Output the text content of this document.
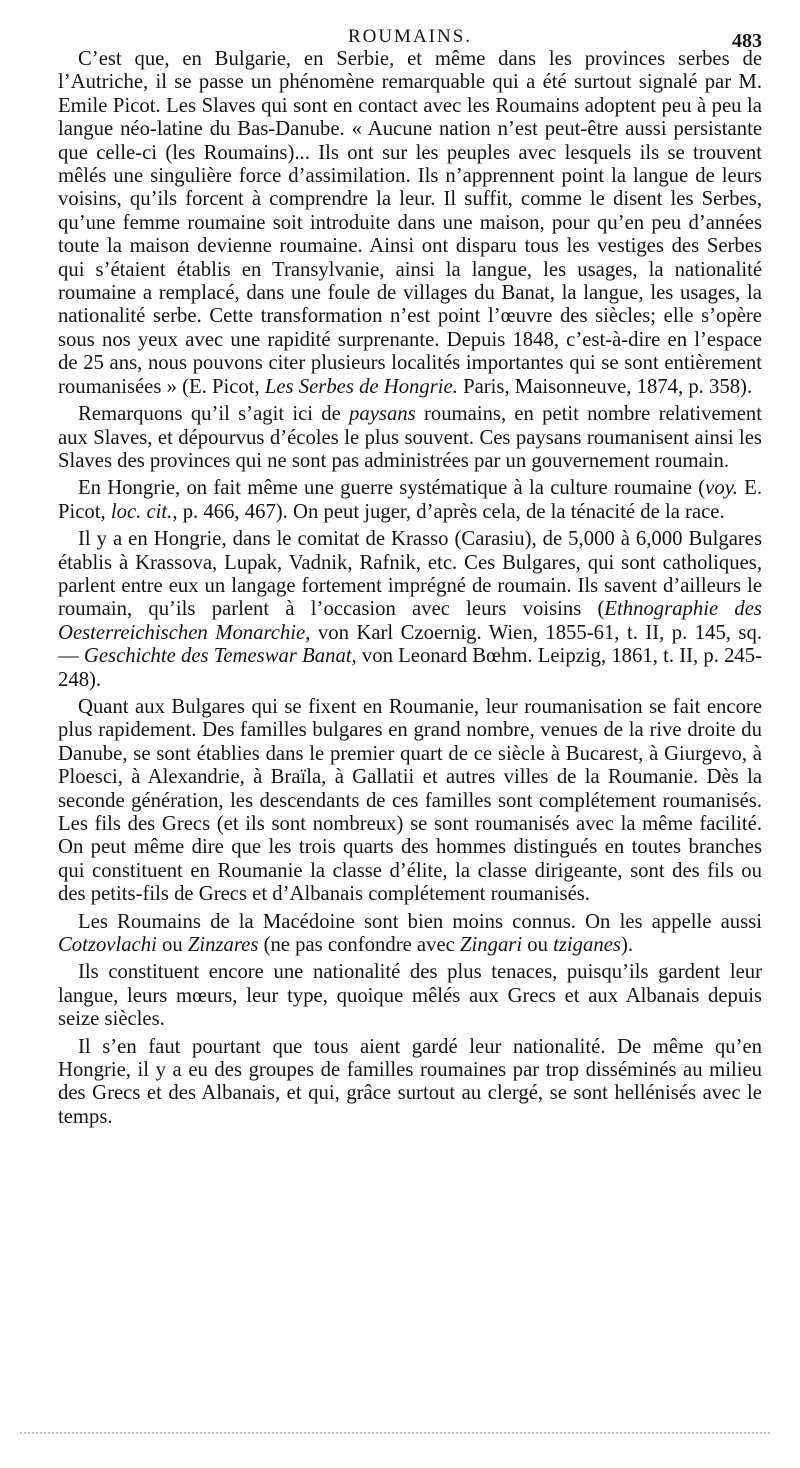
ROUMAINS.	483

C’est que, en Bulgarie, en Serbie, et même dans les provinces serbes de l’Autriche, il se passe un phénomène remarquable qui a été surtout signalé par M. Emile Picot. Les Slaves qui sont en contact avec les Roumains adoptent peu à peu la langue néo-latine du Bas-Danube. « Aucune nation n’est peut-être aussi persistante que celle-ci (les Roumains)... Ils ont sur les peuples avec lesquels ils se trouvent mêlés une singulière force d’assimilation. Ils n’apprennent point la langue de leurs voisins, qu’ils forcent à comprendre la leur. Il suffit, comme le disent les Serbes, qu’une femme roumaine soit introduite dans une maison, pour qu’en peu d’années toute la maison devienne roumaine. Ainsi ont disparu tous les vestiges des Serbes qui s’étaient établis en Transylvanie, ainsi la langue, les usages, la nationalité roumaine a remplacé, dans une foule de villages du Banat, la langue, les usages, la nationalité serbe. Cette transformation n’est point l’œuvre des siècles; elle s’opère sous nos yeux avec une rapidité surprenante. Depuis 1848, c’est-à-dire en l’espace de 25 ans, nous pouvons citer plusieurs localités importantes qui se sont entièrement roumanisées » (E. Picot, Les Serbes de Hongrie. Paris, Maisonneuve, 1874, p. 358).

Remarquons qu’il s’agit ici de paysans roumains, en petit nombre relativement aux Slaves, et dépourvus d’écoles le plus souvent. Ces paysans roumanisent ainsi les Slaves des provinces qui ne sont pas administrées par un gouvernement roumain.

En Hongrie, on fait même une guerre systématique à la culture roumaine (voy. E. Picot, loc. cit., p. 466, 467). On peut juger, d’après cela, de la ténacité de la race.

Il y a en Hongrie, dans le comitat de Krasso (Carasiu), de 5,000 à 6,000 Bulgares établis à Krassova, Lupak, Vadnik, Rafnik, etc. Ces Bulgares, qui sont catholiques, parlent entre eux un langage fortement imprégné de roumain. Ils savent d’ailleurs le roumain, qu’ils parlent à l’occasion avec leurs voisins (Ethnographie des Oesterreichischen Monarchie, von Karl Czoernig. Wien, 1855-61, t. II, p. 145, sq. — Geschichte des Temeswar Banat, von Leonard Bœhm. Leipzig, 1861, t. II, p. 245-248).

Quant aux Bulgares qui se fixent en Roumanie, leur roumanisation se fait encore plus rapidement. Des familles bulgares en grand nombre, venues de la rive droite du Danube, se sont établies dans le premier quart de ce siècle à Bucarest, à Giurgevo, à Ploesci, à Alexandrie, à Braïla, à Gallatii et autres villes de la Roumanie. Dès la seconde génération, les descendants de ces familles sont complétement roumanisés. Les fils des Grecs (et ils sont nombreux) se sont roumanisés avec la même facilité. On peut même dire que les trois quarts des hommes distingués en toutes branches qui constituent en Roumanie la classe d’élite, la classe dirigeante, sont des fils ou des petits-fils de Grecs et d’Albanais complétement roumanisés.

Les Roumains de la Macédoine sont bien moins connus. On les appelle aussi Cotzovlachi ou Zinzares (ne pas confondre avec Zingari ou tziganes).

Ils constituent encore une nationalité des plus tenaces, puisqu’ils gardent leur langue, leurs mœurs, leur type, quoique mêlés aux Grecs et aux Albanais depuis seize siècles.

Il s’en faut pourtant que tous aient gardé leur nationalité. De même qu’en Hongrie, il y a eu des groupes de familles roumaines par trop disséminés au milieu des Grecs et des Albanais, et qui, grâce surtout au clergé, se sont hellénisés avec le temps.
